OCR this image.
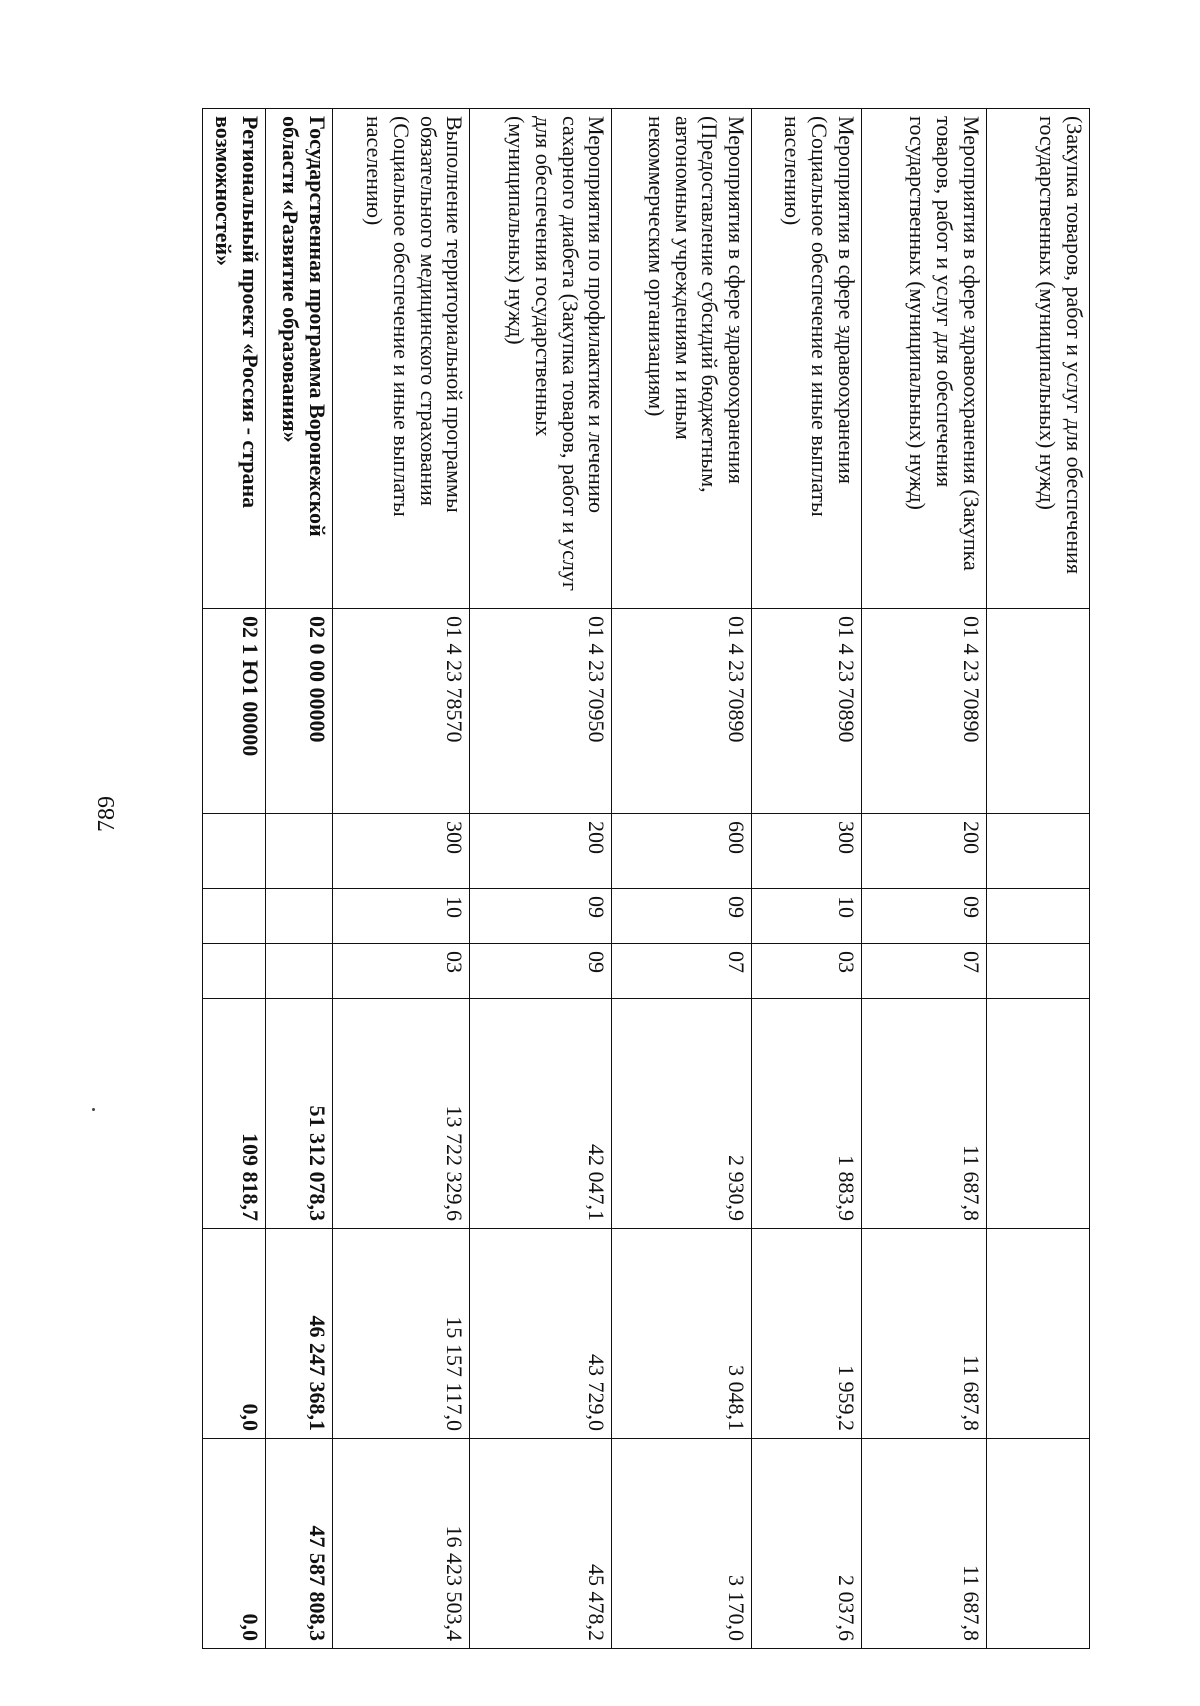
789
(Закупка товаров, работ и услуг для обеспечения государственных (муниципальных) нужд)							
Мероприятия в сфере здравоохранения (Закупка товаров, работ и услуг для обеспечения государственных (муниципальных) нужд)	01 4 23 70890	200	09	07	11 687,8	11 687,8	11 687,8
Мероприятия в сфере здравоохранения (Социальное обеспечение и иные выплаты населению)	01 4 23 70890	300	10	03	1 883,9	1 959,2	2 037,6
Мероприятия в сфере здравоохранения (Предоставление субсидий бюджетным, автономным учреждениям и иным некоммерческим организациям)	01 4 23 70890	600	09	07	2 930,9	3 048,1	3 170,0
Мероприятия по профилактике и лечению сахарного диабета (Закупка товаров, работ и услуг для обеспечения государственных (муниципальных) нужд)	01 4 23 70950	200	09	09	42 047,1	43 729,0	45 478,2
Выполнение территориальной программы обязательного медицинского страхования (Социальное обеспечение и иные выплаты населению)	01 4 23 78570	300	10	03	13 722 329,6	15 157 117,0	16 423 503,4
Государственная программа Воронежской области «Развитие образования»	02 0 00 00000				51 312 078,3	46 247 368,1	47 587 808,3
Региональный проект «Россия - страна возможностей»	02 1 Ю1 00000				109 818,7	0,0	0,0
